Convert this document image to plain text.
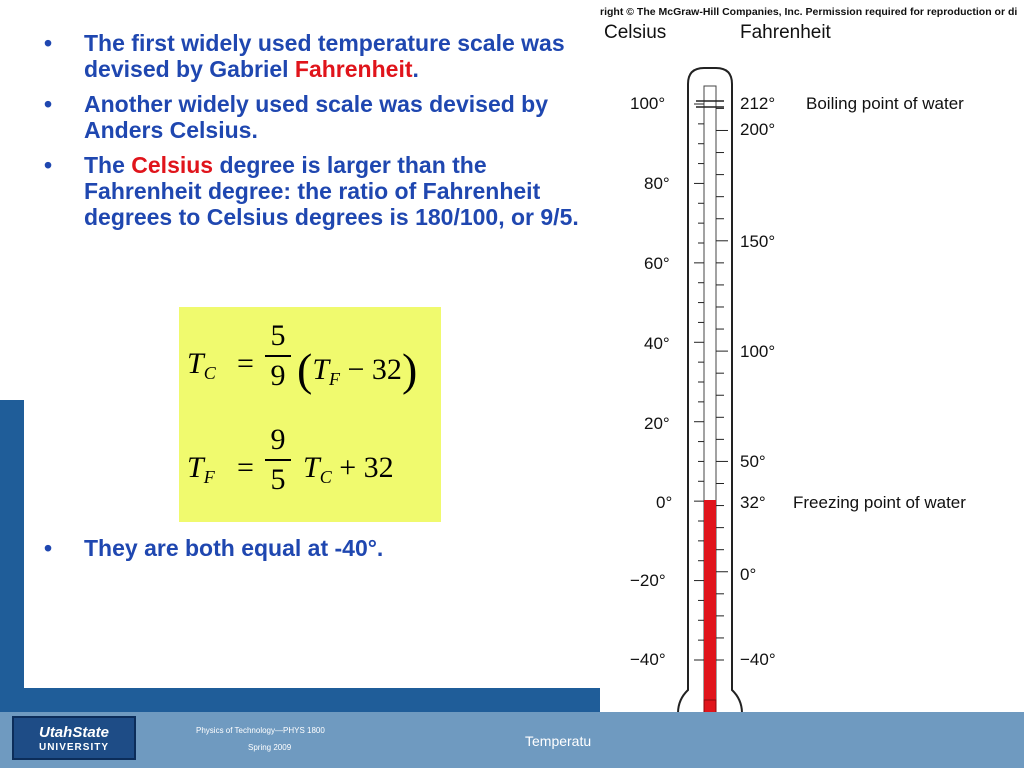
• The first widely used temperature scale was devised by Gabriel Fahrenheit.
• Another widely used scale was devised by Anders Celsius.
• The Celsius degree is larger than the Fahrenheit degree: the ratio of Fahrenheit degrees to Celsius degrees is 180/100, or 9/5.
• They are both equal at -40°.
$T_C$ =
5
9 $(T_F - 32)$
$T_F$ =
9
5 $T_C + 32$
right © The McGraw-Hill Companies, Inc. Permission required for reproduction or di
Celsius	Fahrenheit
100°
80°
60°
40°
20°
0°
−20°
−40°
212°
200°
150°
100°
50°
32°
0°
−40°
Boiling point of water
Freezing point of water
UtahState
UNIVERSITY
Physics of Technology—PHYS 1800
Spring 2009	Temperatu
